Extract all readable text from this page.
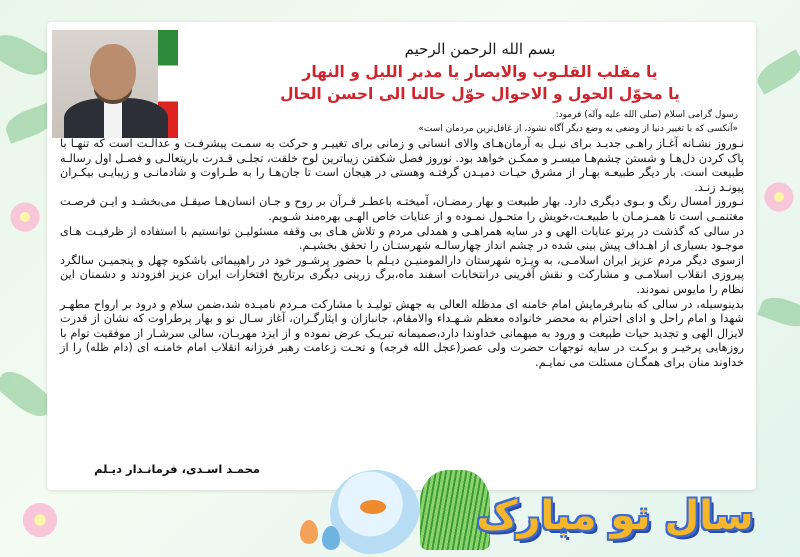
بسم الله الرحمن الرحیم

یا مقلب القلـوب والابصار یا مدبر اللیل و النهار

یا محوّل الحول و الاحوال حوّل حالنا الی احسن الحال

رسول گرامی اسلام (صلی الله علیه وآله) فرمود:
«آنکسی که با تغییر دنیا از وضعی به وضع دیگر آگاه نشود، از غافل‌ترین مردمان است»

نـوروز نشـانه آغـاز راهـی جدیـد برای نیـل به آرمان‌هـای والای انسانی و زمانی برای تغییـر و حرکت به سمـت پیشرفـت و عدالـت است که تنهـا با پاک کردن دل‌هـا و شستن چشم‌هـا میسـر و ممکـن خواهد بود. نوروز فصل شکفتن زیباترین لوح خلقت، تجلـی قـدرت باریتعالـی و فصـل اول رسالـه طبیعت است. بار دیگر طبیعـه بهـار از مشرق حیـات دمیـدن گرفتـه وهستی در هیجان است تا جان‌هـا را به طـراوت و شادمانـی و زیبایـی بیکـران پیونـد زنـد.

نـوروز امسال رنگ و بـوی دیگری دارد. بهار طبیعت و بهار رمضـان، آمیختـه باعطـر قـرآن بر روح و جـان انسان‌هـا صیقـل می‌بخشـد و ایـن فرصـت مغتنمـی است تا همـزمـان با طبیعـت،خویش را متحـول نمـوده و از عنایات خاص الهـی بهره‌مند شـویم.

در سالی که گذشت در پرتو عنایات الهی و در سایه همراهـی و همدلی مردم و تلاش هـای بی وقفه مسئولیـن توانستیم با استفاده از ظرفیـت هـای موجـود بسیاری از اهـداف پیش بینی شده در چشم انداز چهارسالـه شهرستـان را تحقق بخشیـم.

ازسوی دیگر مردم عزیز ایران اسلامـی، به ویـژه شهرستان دارالمومنیـن دیـلم با حضور پرشـور خود در راهپیمائی باشکوه چهل و پنجمیـن سالگرد پیروزی انقلاب اسلامـی و مشارکت و نقش آفرینی درانتخابات اسفند ماه،برگ زرینی دیگری برتاریخ افتخارات ایران عزیز افزودند و دشمنان این نظام را مایوس نمودند.

بدینوسیله، در سالی که بنابرفرمایش امام خامنه ای مدظله العالی به جهش تولیـد با مشارکت مـردم نامیـده شد،ضمن سلام و درود بر ارواح مطهـر شهدا و امام راحل و ادای احترام به محضر خانواده معظم شـهـداء والامقام، جانبازان و ایثارگـران، آغاز سـال نو و بهار پرطراوت که نشان از قدرت لایزال الهی و تجدید حیات طبیعت و ورود به میهمانی خداوندا دارد،صمیمانه تبریـک عرض نموده و از ایزد مهربـان، سالی سرشـار از موفقیت توام با روزهایی پرخیـر و برکـت در سایه توجهات حضرت ولی عصر(عجل الله فرجه) و تحـت زعامت رهبر فرزانه انقلاب امام خامنـه ای (دام ظله) را از خداوند منان برای همگـان مسئلت می نمایـم.

محمـد اسـدی، فرمانـدار دیـلم
سال نو مبارک
